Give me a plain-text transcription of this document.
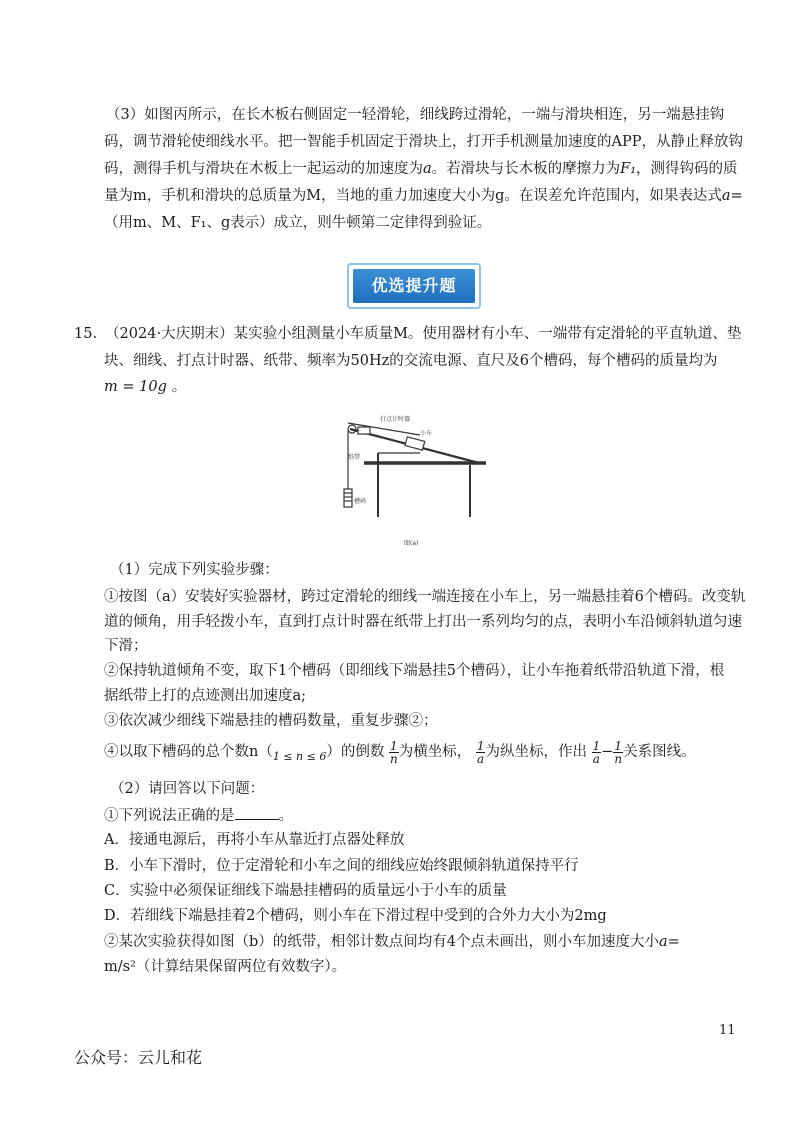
.
（3）如图丙所示，在长木板右侧固定一轻滑轮，细线跨过滑轮，一端与滑块相连，另一端悬挂钩
码，调节滑轮使细线水平。把一智能手机固定于滑块上，打开手机测量加速度的APP，从静止释放钩
码，测得手机与滑块在木板上一起运动的加速度为a。若滑块与长木板的摩擦力为F₁，测得钩码的质
量为m，手机和滑块的总质量为M，当地的重力加速度大小为g。在误差允许范围内，如果表达式a=
（用m、M、F₁、g表示）成立，则牛顿第二定律得到验证。
优选提升题
15. （2024·大庆期末）某实验小组测量小车质量M。使用器材有小车、一端带有定滑轮的平直轨道、垫
块、细线、打点计时器、纸带、频率为50Hz的交流电源、直尺及6个槽码，每个槽码的质量均为
m = 10g 。
打点计时器
小车
纸带
槽码
图(a)
（1）完成下列实验步骤：
①按图（a）安装好实验器材，跨过定滑轮的细线一端连接在小车上，另一端悬挂着6个槽码。改变轨
道的倾角，用手轻拨小车，直到打点计时器在纸带上打出一系列均匀的点，表明小车沿倾斜轨道匀速
下滑；
②保持轨道倾角不变，取下1个槽码（即细线下端悬挂5个槽码），让小车拖着纸带沿轨道下滑，根
据纸带上打的点迹测出加速度a;
③依次减少细线下端悬挂的槽码数量，重复步骤②；
④以取下槽码的总个数$n(_{1 \le n \le 6})$的倒数 $\frac{1}{n}$ 为横坐标， $\frac{1}{a}$ 为纵坐标，作出 $\frac{1}{a} - \frac{1}{n}$ 关系图线。
（2）请回答以下问题：
①下列说法正确的是	。
A．接通电源后，再将小车从靠近打点器处释放
B．小车下滑时，位于定滑轮和小车之间的细线应始终跟倾斜轨道保持平行
C．实验中必须保证细线下端悬挂槽码的质量远小于小车的质量
D．若细线下端悬挂着2个槽码，则小车在下滑过程中受到的合外力大小为2mg
②某次实验获得如图（b）的纸带，相邻计数点间均有4个点未画出，则小车加速度大小a=
m/s²（计算结果保留两位有效数字）。
11
公众号：云儿和花
